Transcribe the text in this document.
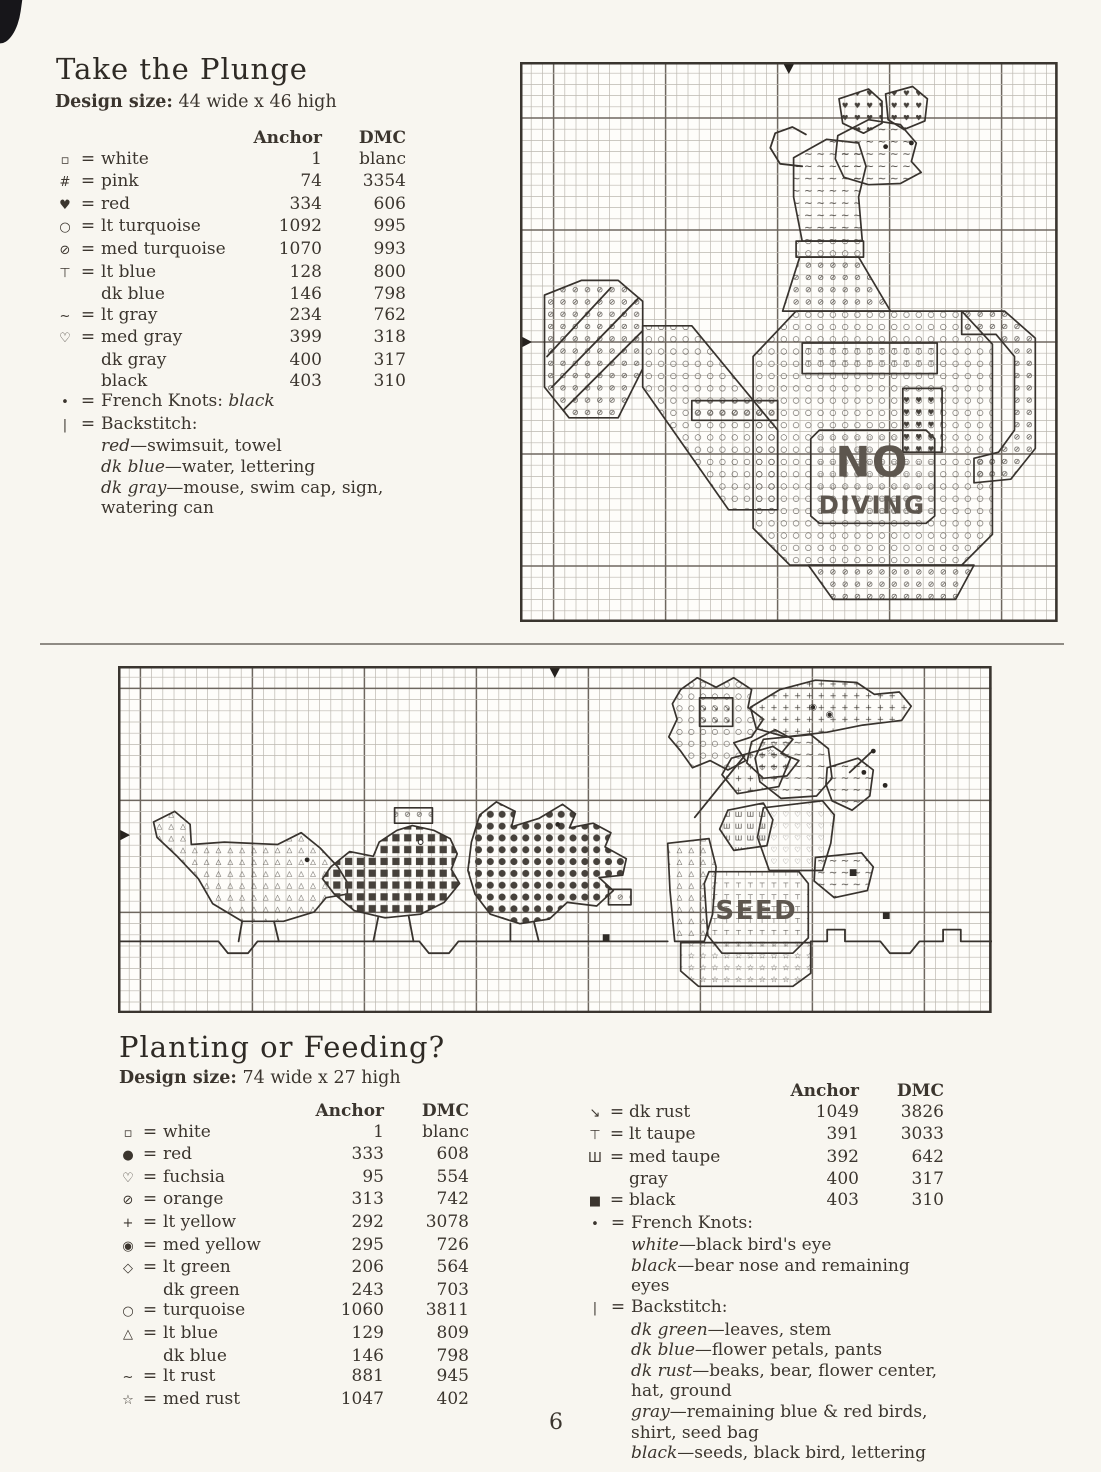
Take the Plunge
Design size: 44 wide x 46 high
Anchor	DMC
▫ = white	1	blanc
# = pink	74	3354
♥ = red	334	606
○ = lt turquoise	1092	995
⊘ = med turquoise	1070	993
⊤ = lt blue	128	800
dk blue	146	798
~ = lt gray	234	762
♡ = med gray	399	318
dk gray	400	317
black	403	310
• = French Knots: black
| = Backstitch:
red—swimsuit, towel
dk blue—water, lettering
dk gray—mouse, swim cap, sign, watering can
NO
DIVING
■
■
■
◉
◉
☆
SEED
Planting or Feeding?
Design size: 74 wide x 27 high
Anchor	DMC
▫ = white	1	blanc
● = red	333	608
♡ = fuchsia	95	554
⊘ = orange	313	742
+ = lt yellow	292	3078
◉ = med yellow	295	726
◇ = lt green	206	564
dk green	243	703
○ = turquoise	1060	3811
△ = lt blue	129	809
dk blue	146	798
~ = lt rust	881	945
☆ = med rust	1047	402
Anchor	DMC
↘ = dk rust	1049	3826
⊤ = lt taupe	391	3033
Ш = med taupe	392	642
gray	400	317
■ = black	403	310
• = French Knots:
white—black bird's eye
black—bear nose and remaining eyes
| = Backstitch:
dk green—leaves, stem
dk blue—flower petals, pants
dk rust—beaks, bear, flower center, hat, ground
gray—remaining blue & red birds, shirt, seed bag
black—seeds, black bird, lettering
6
